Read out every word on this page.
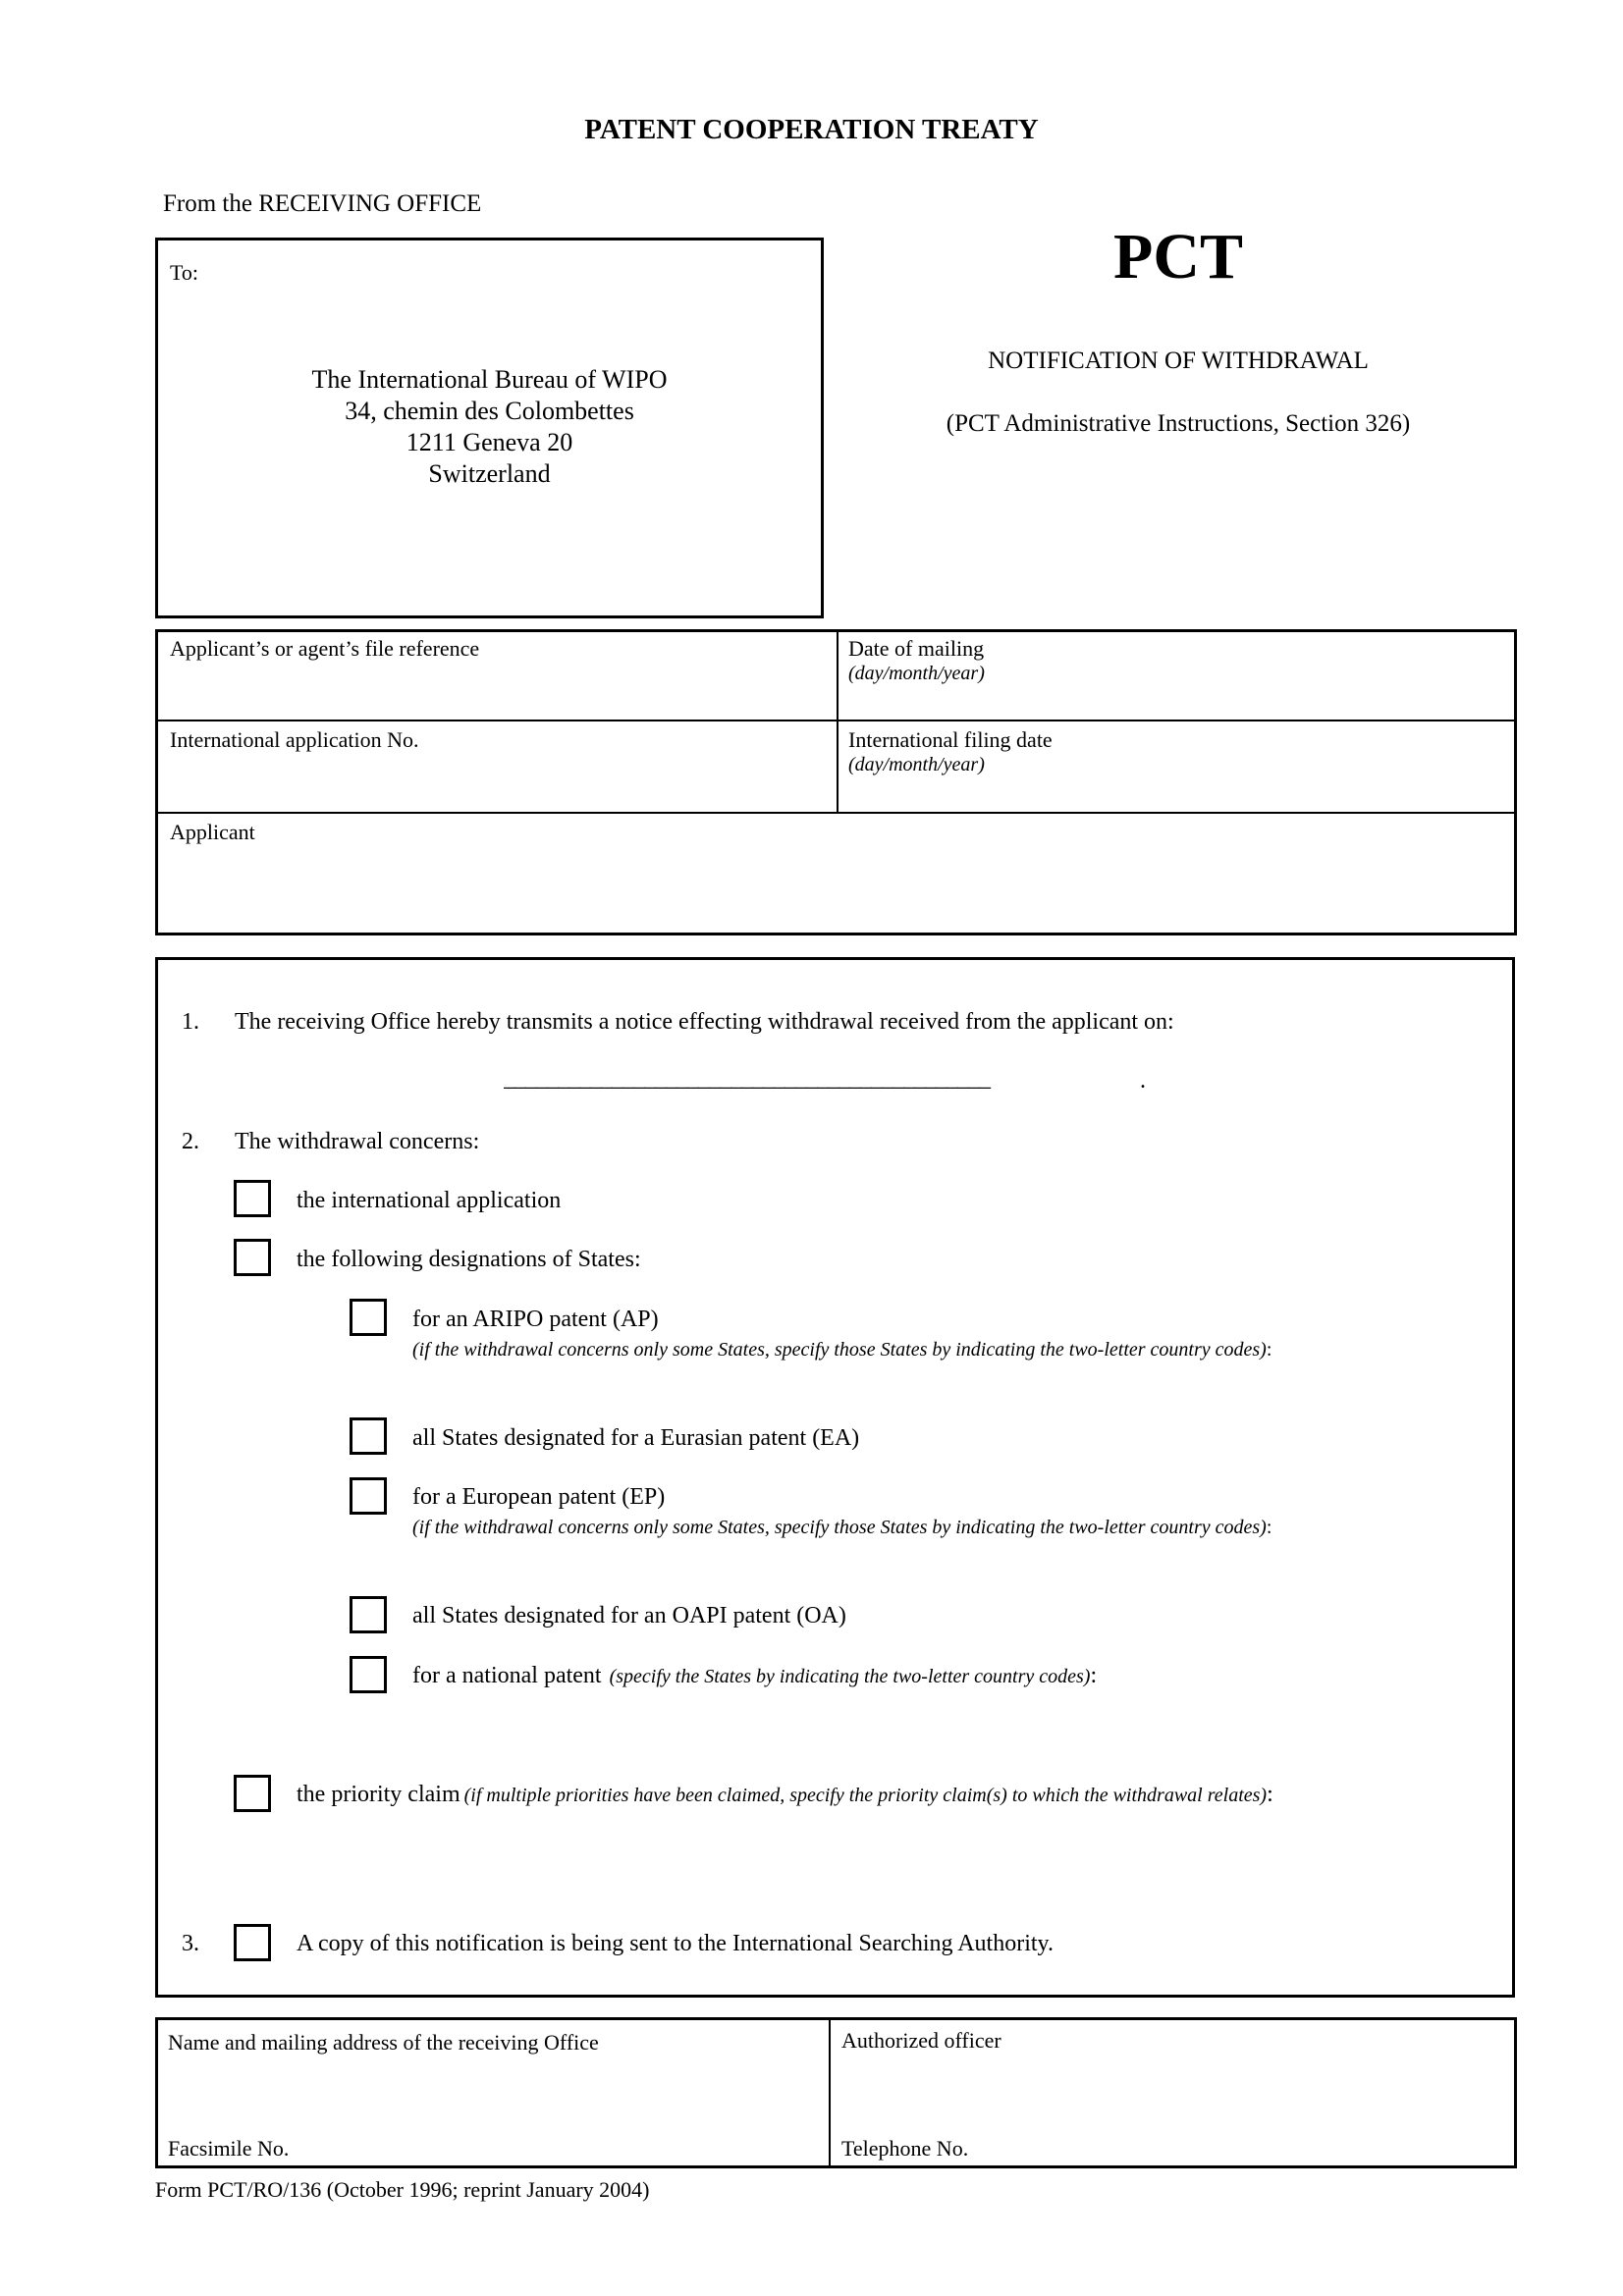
PATENT COOPERATION TREATY
From the RECEIVING OFFICE
PCT
NOTIFICATION OF WITHDRAWAL
(PCT Administrative Instructions, Section 326)
To:
The International Bureau of WIPO
34, chemin des Colombettes
1211 Geneva 20
Switzerland
Applicant’s or agent’s file reference	Date of mailing
(day/month/year)
International application No.	International filing date
(day/month/year)
Applicant
1. The receiving Office hereby transmits a notice effecting withdrawal received from the applicant on:
_____________________________________________	.
2. The withdrawal concerns:
the international application
the following designations of States:
for an ARIPO patent (AP)
(if the withdrawal concerns only some States, specify those States by indicating the two-letter country codes):
all States designated for a Eurasian patent (EA)
for a European patent (EP)
(if the withdrawal concerns only some States, specify those States by indicating the two-letter country codes):
all States designated for an OAPI patent (OA)
for a national patent (specify the States by indicating the two-letter country codes):
the priority claim (if multiple priorities have been claimed, specify the priority claim(s) to which the withdrawal relates):
3.	A copy of this notification is being sent to the International Searching Authority.
Name and mailing address of the receiving Office
Facsimile No.
Authorized officer
Telephone No.
Form PCT/RO/136 (October 1996; reprint January 2004)
